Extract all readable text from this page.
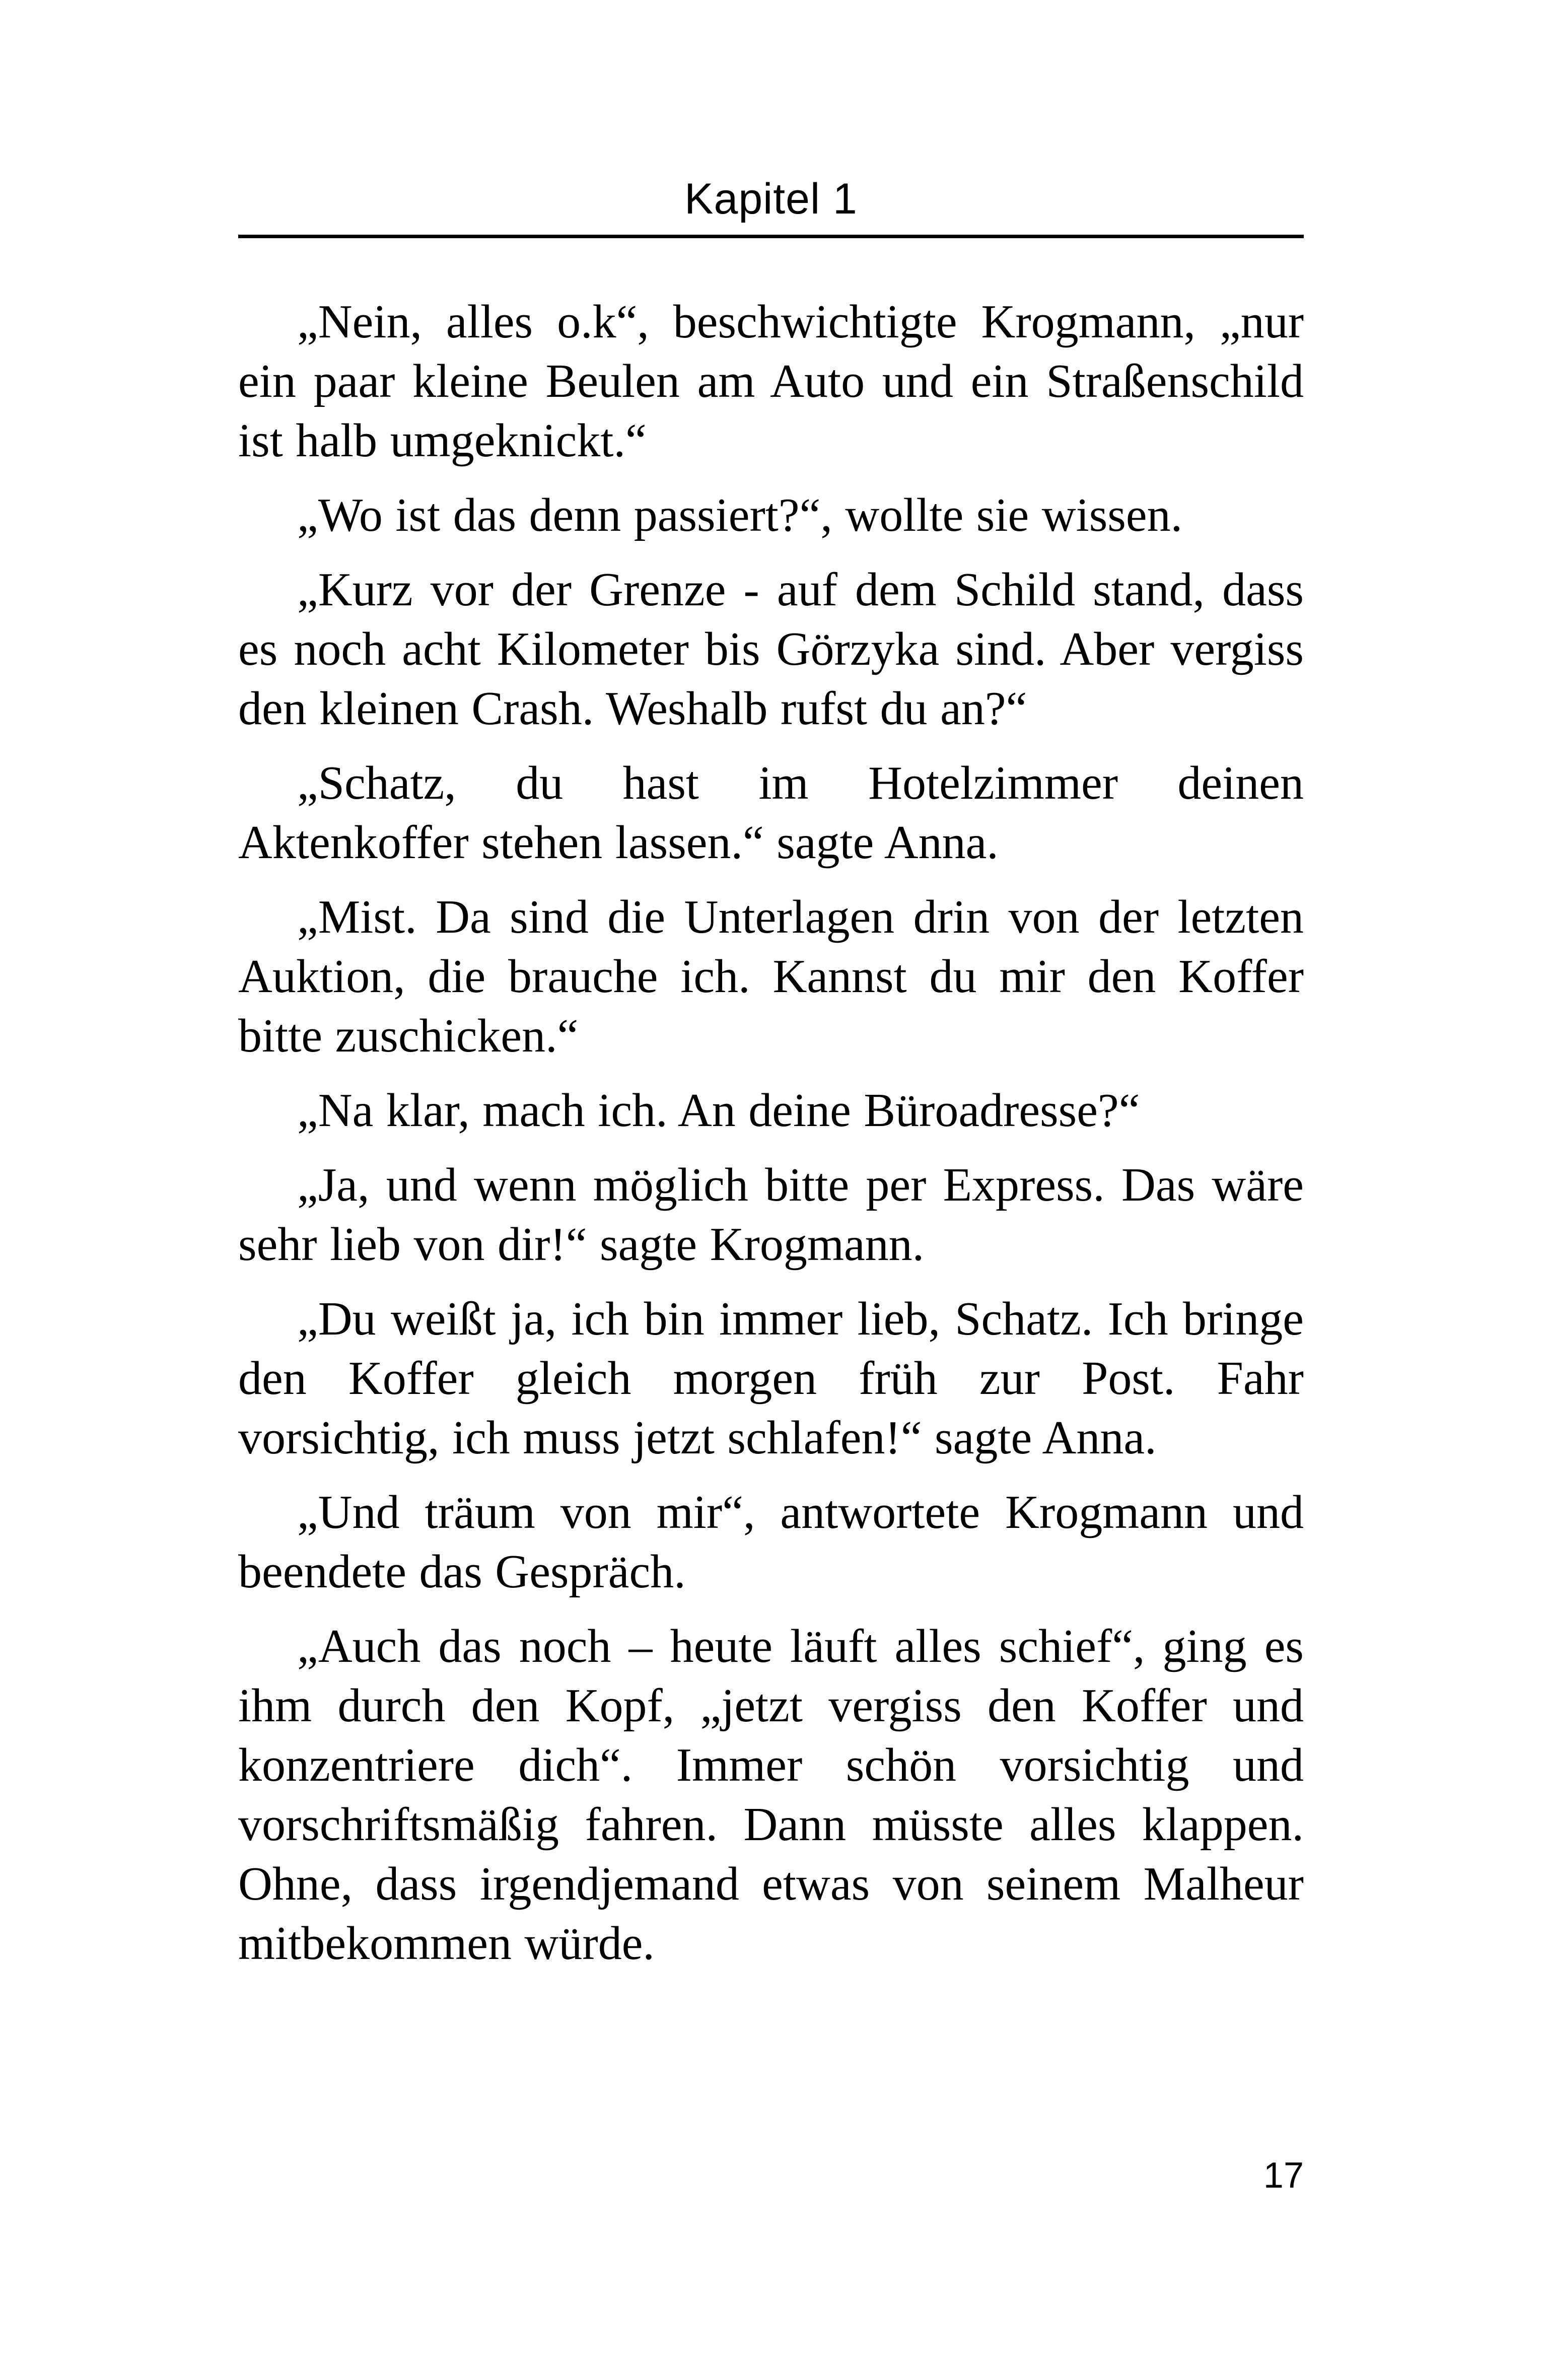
Kapitel 1

„Nein, alles o.k“, beschwichtigte Krogmann, „nur ein paar kleine Beulen am Auto und ein Straßenschild ist halb umgeknickt.“

„Wo ist das denn passiert?“, wollte sie wissen.

„Kurz vor der Grenze - auf dem Schild stand, dass es noch acht Kilometer bis Görzyka sind. Aber vergiss den kleinen Crash. Weshalb rufst du an?“

„Schatz, du hast im Hotelzimmer deinen Aktenkoffer stehen lassen.“ sagte Anna.

„Mist. Da sind die Unterlagen drin von der letzten Auktion, die brauche ich. Kannst du mir den Koffer bitte zuschicken.“

„Na klar, mach ich. An deine Büroadresse?“

„Ja, und wenn möglich bitte per Express. Das wäre sehr lieb von dir!“ sagte Krogmann.

„Du weißt ja, ich bin immer lieb, Schatz. Ich bringe den Koffer gleich morgen früh zur Post. Fahr vorsichtig, ich muss jetzt schlafen!“ sagte Anna.

„Und träum von mir“, antwortete Krogmann und beendete das Gespräch.

„Auch das noch – heute läuft alles schief“, ging es ihm durch den Kopf, „jetzt vergiss den Koffer und konzentriere dich“. Immer schön vorsichtig und vorschriftsmäßig fahren. Dann müsste alles klappen. Ohne, dass irgendjemand etwas von seinem Malheur mitbekommen würde.

17
